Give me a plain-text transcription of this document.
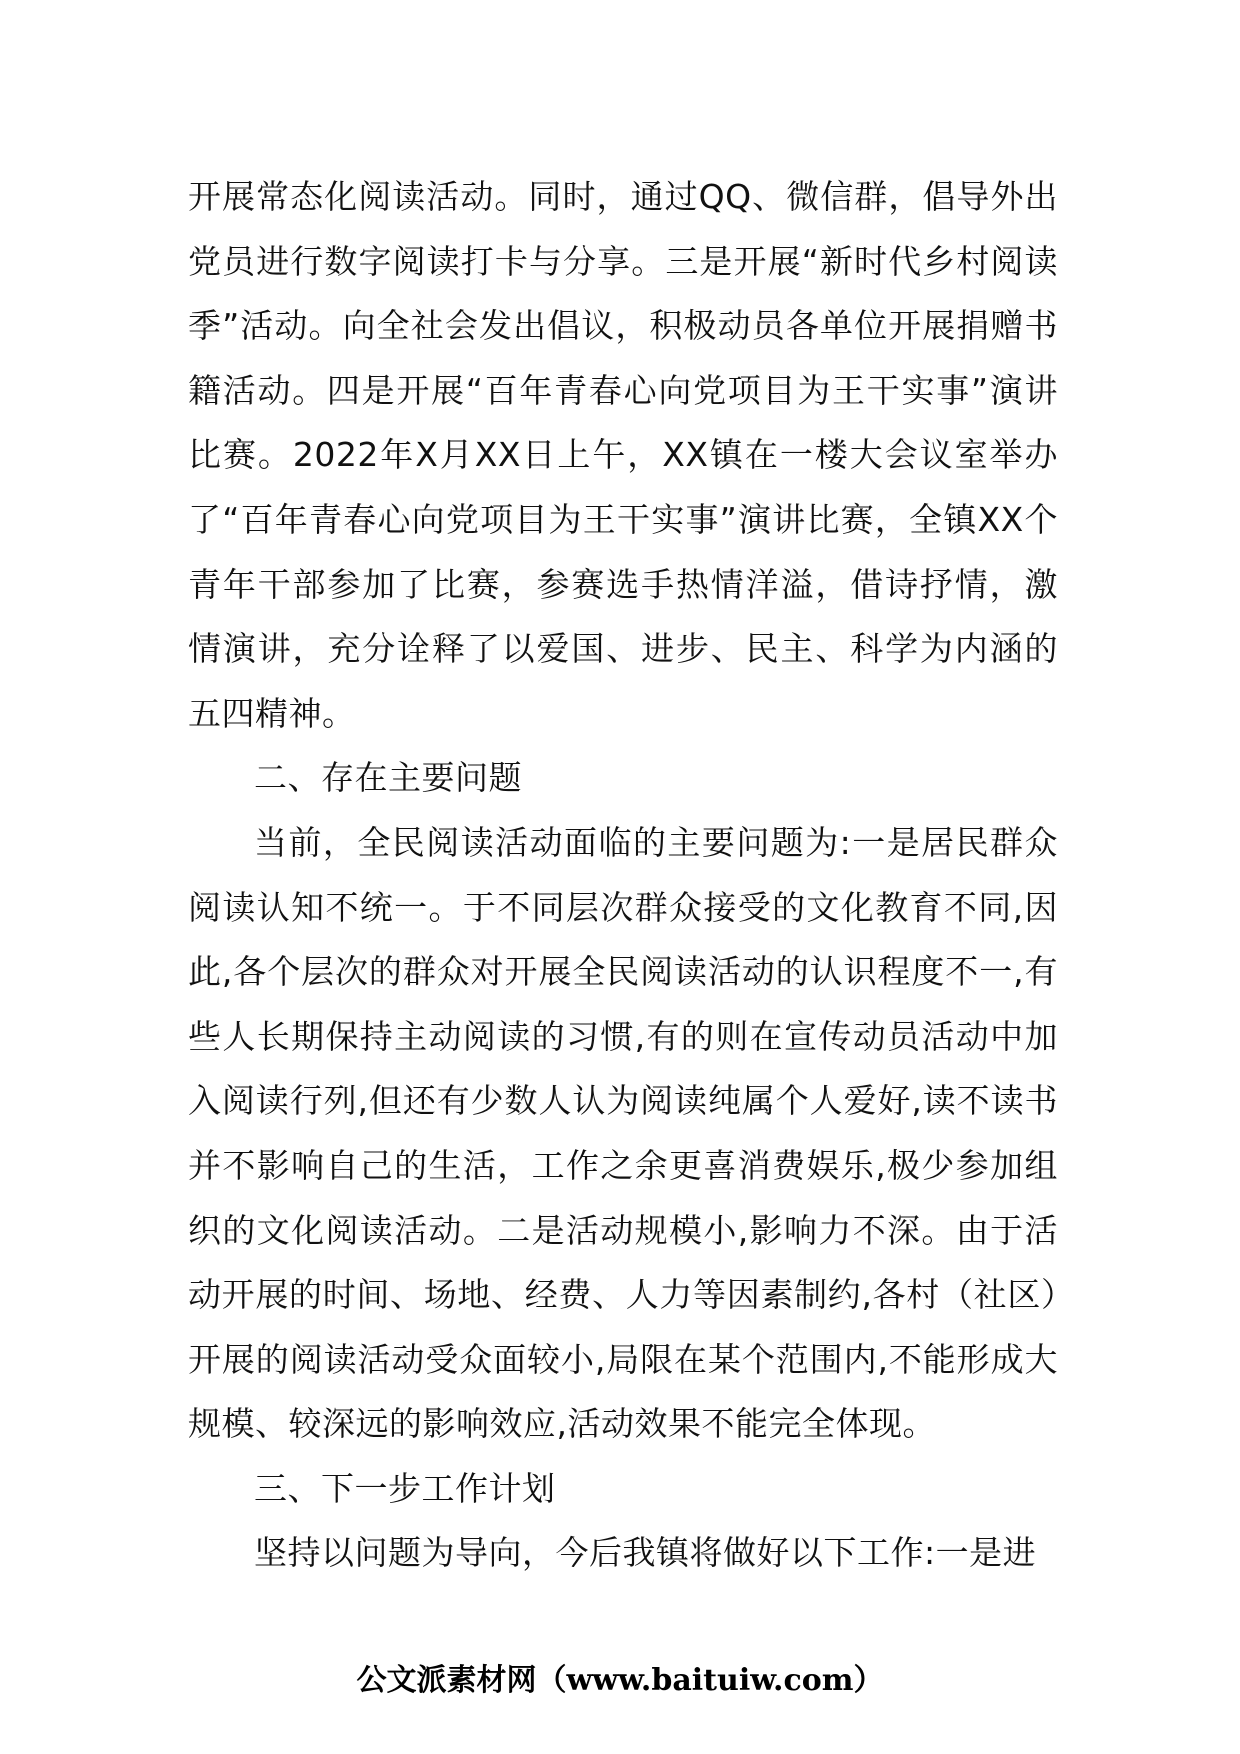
开展常态化阅读活动。同时，通过QQ、微信群，倡导外出党员进行数字阅读打卡与分享。三是开展“新时代乡村阅读季”活动。向全社会发出倡议，积极动员各单位开展捐赠书籍活动。四是开展“百年青春心向党项目为王干实事”演讲比赛。2022年X月XX日上午，XX镇在一楼大会议室举办了“百年青春心向党项目为王干实事”演讲比赛，全镇XX个青年干部参加了比赛，参赛选手热情洋溢，借诗抒情，激情演讲，充分诠释了以爱国、进步、民主、科学为内涵的五四精神。

二、存在主要问题

当前，全民阅读活动面临的主要问题为:一是居民群众阅读认知不统一。于不同层次群众接受的文化教育不同,因此,各个层次的群众对开展全民阅读活动的认识程度不一,有些人长期保持主动阅读的习惯,有的则在宣传动员活动中加入阅读行列,但还有少数人认为阅读纯属个人爱好,读不读书并不影响自己的生活，工作之余更喜消费娱乐,极少参加组织的文化阅读活动。二是活动规模小,影响力不深。由于活动开展的时间、场地、经费、人力等因素制约,各村（社区）开展的阅读活动受众面较小,局限在某个范围内,不能形成大规模、较深远的影响效应,活动效果不能完全体现。

三、下一步工作计划

坚持以问题为导向，今后我镇将做好以下工作:一是进

公文派素材网（www.baituiw.com）
